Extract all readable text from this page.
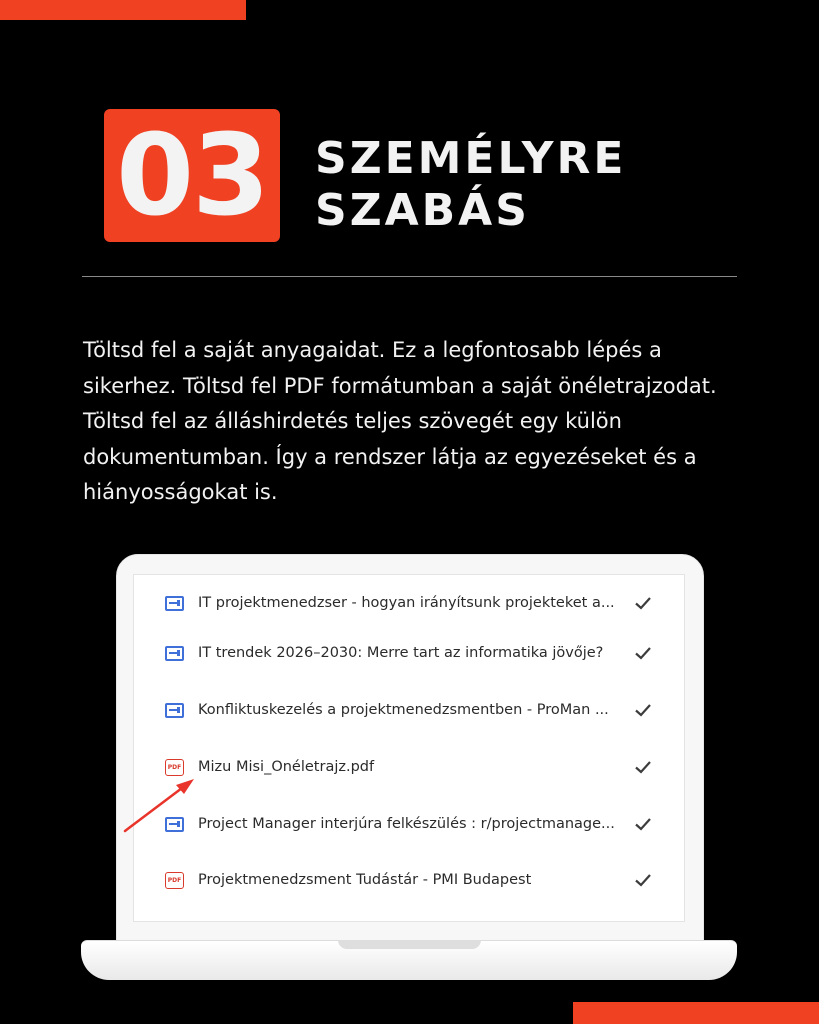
03 SZEMÉLYRE
SZABÁS

Töltsd fel a saját anyagaidat. Ez a legfontosabb lépés a sikerhez. Töltsd fel PDF formátumban a saját önéletrajzodat. Töltsd fel az álláshirdetés teljes szövegét egy külön dokumentumban. Így a rendszer látja az egyezéseket és a hiányosságokat is.

IT projektmenedzser - hogyan irányítsunk projekteket a...
IT trendek 2026–2030: Merre tart az informatika jövője?
Konfliktuskezelés a projektmenedzsmentben - ProMan ...
PDF Mizu Misi_Önéletrajz.pdf
Project Manager interjúra felkészülés : r/projectmanage...
PDF Projektmenedzsment Tudástár - PMI Budapest
